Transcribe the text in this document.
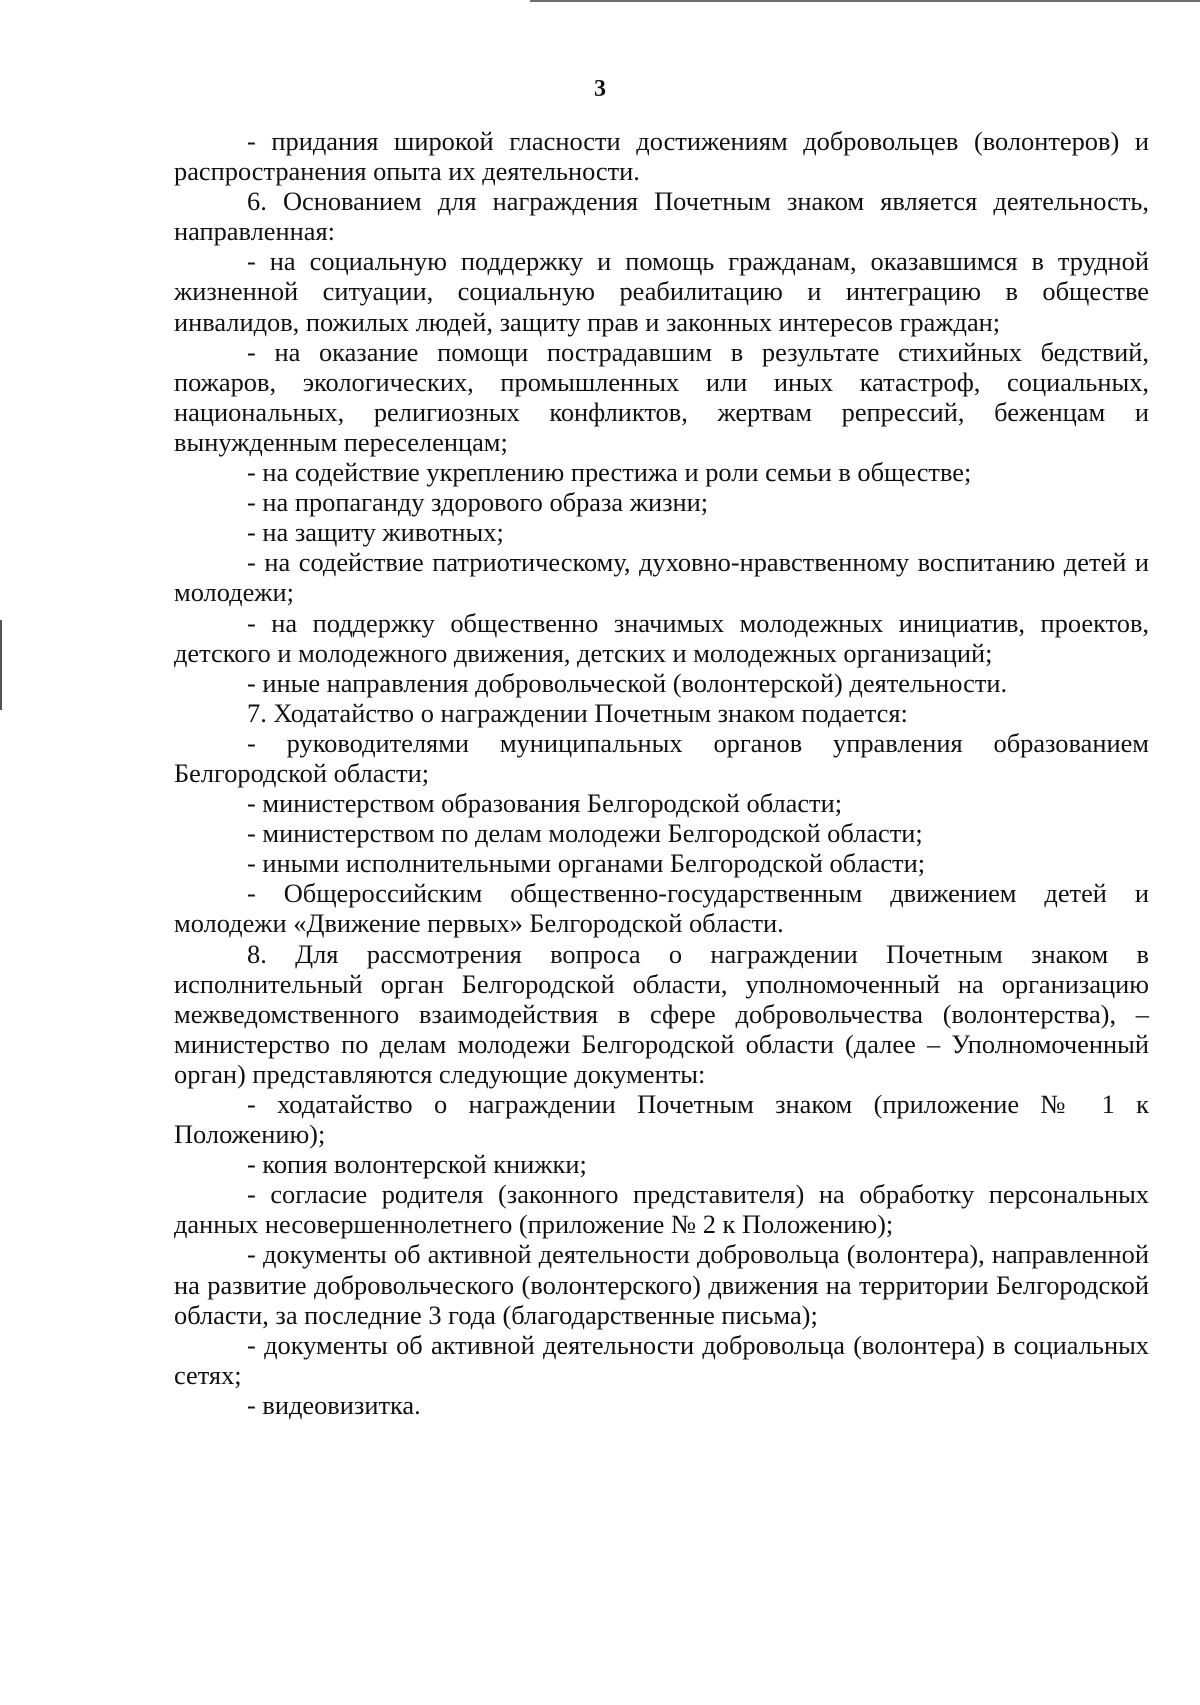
3

- придания широкой гласности достижениям добровольцев (волонтеров) и распространения опыта их деятельности.

6. Основанием для награждения Почетным знаком является деятельность, направленная:

- на социальную поддержку и помощь гражданам, оказавшимся в трудной жизненной ситуации, социальную реабилитацию и интеграцию в обществе инвалидов, пожилых людей, защиту прав и законных интересов граждан;

- на оказание помощи пострадавшим в результате стихийных бедствий, пожаров, экологических, промышленных или иных катастроф, социальных, национальных, религиозных конфликтов, жертвам репрессий, беженцам и вынужденным переселенцам;

- на содействие укреплению престижа и роли семьи в обществе;

- на пропаганду здорового образа жизни;

- на защиту животных;

- на содействие патриотическому, духовно-нравственному воспитанию детей и молодежи;

- на поддержку общественно значимых молодежных инициатив, проектов, детского и молодежного движения, детских и молодежных организаций;

- иные направления добровольческой (волонтерской) деятельности.

7. Ходатайство о награждении Почетным знаком подается:

- руководителями муниципальных органов управления образованием Белгородской области;

- министерством образования Белгородской области;

- министерством по делам молодежи Белгородской области;

- иными исполнительными органами Белгородской области;

- Общероссийским общественно-государственным движением детей и молодежи «Движение первых» Белгородской области.

8. Для рассмотрения вопроса о награждении Почетным знаком в исполнительный орган Белгородской области, уполномоченный на организацию межведомственного взаимодействия в сфере добровольчества (волонтерства), – министерство по делам молодежи Белгородской области (далее – Уполномоченный орган) представляются следующие документы:

- ходатайство о награждении Почетным знаком (приложение № 1 к Положению);

- копия волонтерской книжки;

- согласие родителя (законного представителя) на обработку персональных данных несовершеннолетнего (приложение № 2 к Положению);

- документы об активной деятельности добровольца (волонтера), направленной на развитие добровольческого (волонтерского) движения на территории Белгородской области, за последние 3 года (благодарственные письма);

- документы об активной деятельности добровольца (волонтера) в социальных сетях;

- видеовизитка.
